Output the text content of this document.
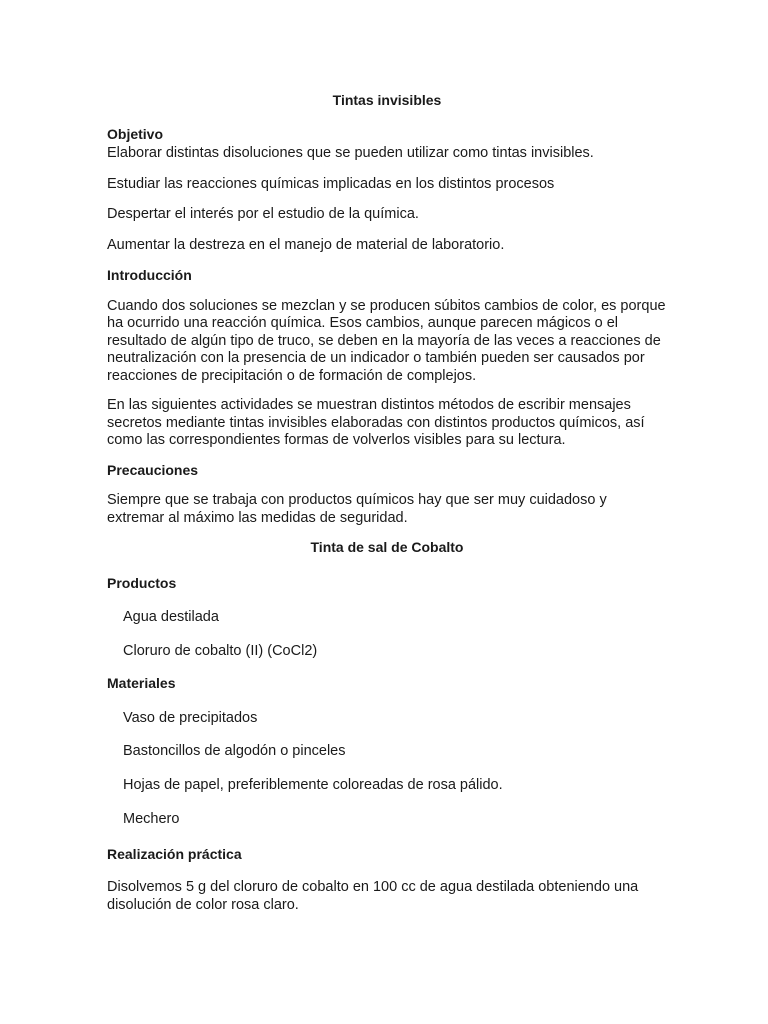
Tintas invisibles

Objetivo

Elaborar distintas disoluciones que se pueden utilizar como tintas invisibles.

Estudiar las reacciones químicas implicadas en los distintos procesos

Despertar el interés por el estudio de la química.

Aumentar la destreza en el manejo de material de laboratorio.

Introducción

Cuando dos soluciones se mezclan y se producen súbitos cambios de color, es porque ha ocurrido una reacción química. Esos cambios, aunque parecen mágicos o el resultado de algún tipo de truco, se deben en la mayoría de las veces a reacciones de neutralización con la presencia de un indicador o también pueden ser causados por reacciones de precipitación o de formación de complejos.

En las siguientes actividades se muestran distintos métodos de escribir mensajes secretos mediante tintas invisibles elaboradas con distintos productos químicos, así como las correspondientes formas de volverlos visibles para su lectura.

Precauciones

Siempre que se trabaja con productos químicos hay que ser muy cuidadoso y extremar al máximo las medidas de seguridad.

Tinta de sal de Cobalto

Productos

Agua destilada

Cloruro de cobalto (II) (CoCl2)

Materiales

Vaso de precipitados

Bastoncillos de algodón o pinceles

Hojas de papel, preferiblemente coloreadas de rosa pálido.

Mechero

Realización práctica

Disolvemos 5 g del cloruro de cobalto en 100 cc de agua destilada obteniendo una disolución de color rosa claro.
